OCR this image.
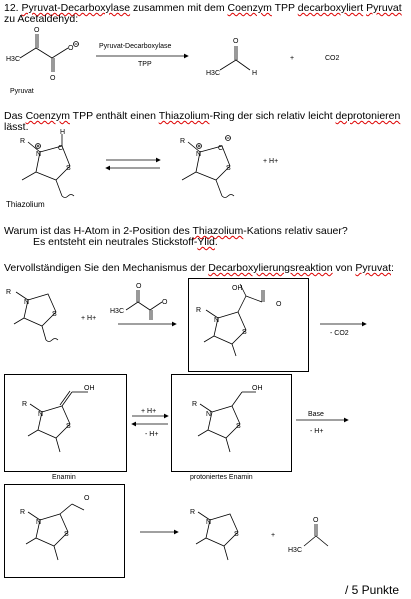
12. Pyruvat-Decarboxylase zusammen mit dem Coenzym TPP decarboxyliert Pyruvat
zu Acetaldehyd:
Pyruvat-Decarboxylase
TPP
Pyruvat
H3C	+	CO2
H3C	H
O
Das Coenzym TPP enthält einen Thiazolium-Ring der sich relativ leicht deprotonieren
lässt.
Thiazolium
+ H+
Warum ist das H-Atom in 2-Position des Thiazolium-Kations relativ sauer?
Es entsteht ein neutrales Stickstoff-Ylid.
Vervollständigen Sie den Mechanismus der Decarboxylierungsreaktion von Pyruvat:
+ H+
- CO2
+ H+
- H+
Base
- H+
Enamin	protoniertes Enamin
+
H3C
/ 5 Punkte
O
O
O
R
N
C
H
S
R
N
C
S
R
N
S	H3C
O
O
OH
O
R
N
S
OH
R
N
S
OH
R
N
S
O
R
N
S
R
N
S
O
